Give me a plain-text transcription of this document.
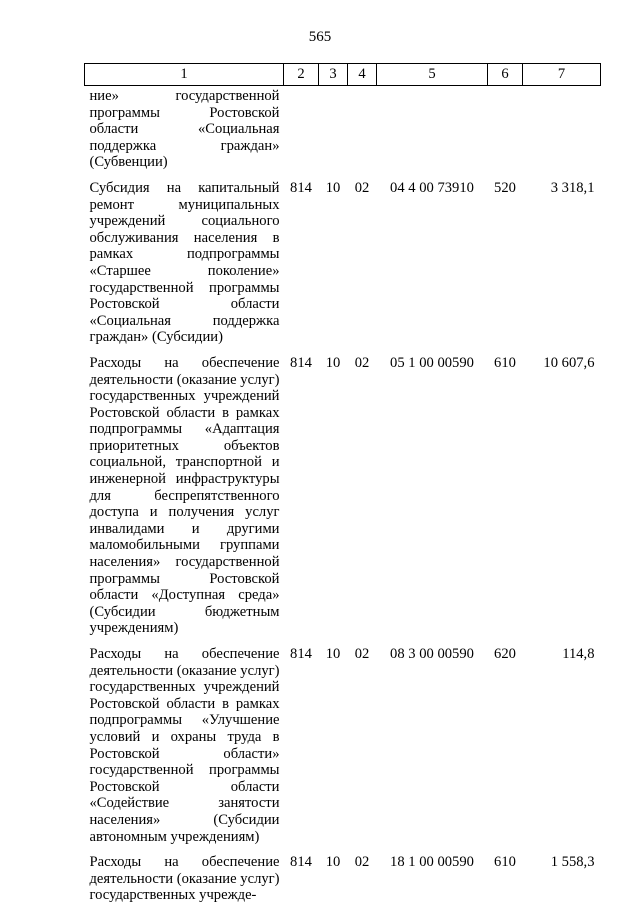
565
1	2	3	4	5	6	7
ние» государственной программы Ростовской области «Социальная поддержка граждан» (Субвенции)						
Субсидия на капитальный ремонт муниципальных учреждений социального обслуживания населения в рамках подпрограммы «Старшее поколение» государственной программы Ростовской области «Социальная поддержка граждан» (Субсидии)	814	10	02	04 4 00 73910	520	3 318,1
Расходы на обеспечение деятельности (оказание услуг) государственных учреждений Ростовской области в рамках подпрограммы «Адаптация приоритетных объектов социальной, транспортной и инженерной инфраструктуры для беспрепятственного доступа и получения услуг инвалидами и другими маломобильными группами населения» государственной программы Ростовской области «Доступная среда» (Субсидии бюджетным учреждениям)	814	10	02	05 1 00 00590	610	10 607,6
Расходы на обеспечение деятельности (оказание услуг) государственных учреждений Ростовской области в рамках подпрограммы «Улучшение условий и охраны труда в Ростовской области» государственной программы Ростовской области «Содействие занятости населения» (Субсидии автономным учреждениям)	814	10	02	08 3 00 00590	620	114,8
Расходы на обеспечение деятельности (оказание услуг) государственных учрежде-	814	10	02	18 1 00 00590	610	1 558,3
